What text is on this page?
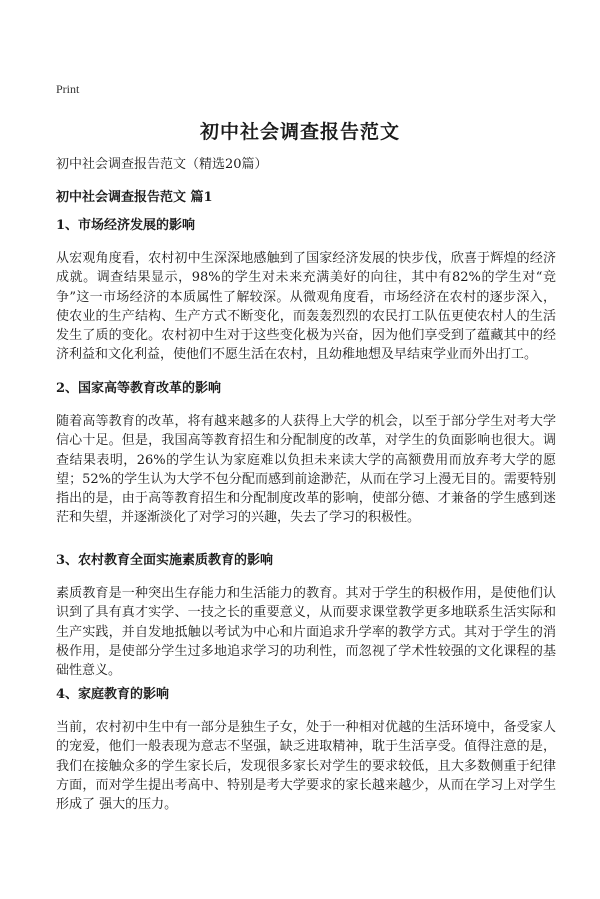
Print
初中社会调查报告范文
初中社会调查报告范文（精选20篇）
初中社会调查报告范文 篇1
1、市场经济发展的影响

从宏观角度看，农村初中生深深地感触到了国家经济发展的快步伐，欣喜于辉煌的经济成就。调查结果显示，98%的学生对未来充满美好的向往，其中有82%的学生对“竞争”这一市场经济的本质属性了解较深。从微观角度看，市场经济在农村的逐步深入，使农业的生产结构、生产方式不断变化，而轰轰烈烈的农民打工队伍更使农村人的生活发生了质的变化。农村初中生对于这些变化极为兴奋，因为他们享受到了蕴藏其中的经济利益和文化利益，使他们不愿生活在农村，且幼稚地想及早结束学业而外出打工。

2、国家高等教育改革的影响

随着高等教育的改革，将有越来越多的人获得上大学的机会，以至于部分学生对考大学信心十足。但是，我国高等教育招生和分配制度的改革，对学生的负面影响也很大。调查结果表明，26%的学生认为家庭难以负担未来读大学的高额费用而放弃考大学的愿望；52%的学生认为大学不包分配而感到前途渺茫，从而在学习上漫无目的。需要特别指出的是，由于高等教育招生和分配制度改革的影响，使部分德、才兼备的学生感到迷茫和失望，并逐渐淡化了对学习的兴趣，失去了学习的积极性。

3、农村教育全面实施素质教育的影响

素质教育是一种突出生存能力和生活能力的教育。其对于学生的积极作用，是使他们认识到了具有真才实学、一技之长的重要意义，从而要求课堂教学更多地联系生活实际和生产实践，并自发地抵触以考试为中心和片面追求升学率的教学方式。其对于学生的消极作用，是使部分学生过多地追求学习的功利性，而忽视了学术性较强的文化课程的基础性意义。

4、家庭教育的影响

当前，农村初中生中有一部分是独生子女，处于一种相对优越的生活环境中，备受家人的宠爱，他们一般表现为意志不坚强，缺乏进取精神，耽于生活享受。值得注意的是，我们在接触众多的学生家长后，发现很多家长对学生的要求较低，且大多数侧重于纪律方面，而对学生提出考高中、特别是考大学要求的家长越来越少，从而在学习上对学生形成了 强大的压力。
